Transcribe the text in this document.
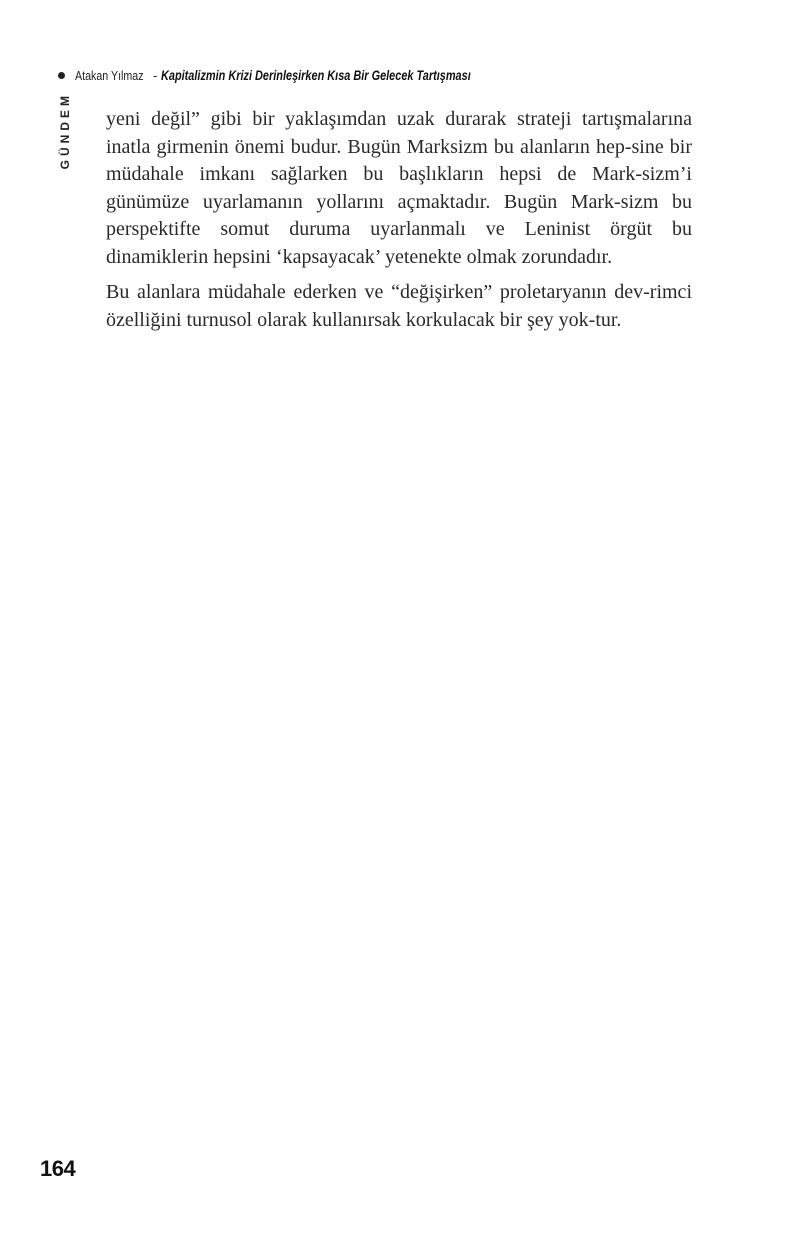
Atakan Yılmaz - Kapitalizmin Krizi Derinleşirken Kısa Bir Gelecek Tartışması
GÜNDEM yeni değil” gibi bir yaklaşımdan uzak durarak strateji tartışmalarına inatla girmenin önemi budur. Bugün Marksizm bu alanların hep-sine bir müdahale imkanı sağlarken bu başlıkların hepsi de Mark-sizm’i günümüze uyarlamanın yollarını açmaktadır. Bugün Mark-sizm bu perspektifte somut duruma uyarlanmalı ve Leninist örgüt bu dinamiklerin hepsini ‘kapsayacak’ yetenekte olmak zorundadır.

Bu alanlara müdahale ederken ve “değişirken” proletaryanın dev-rimci özelliğini turnusol olarak kullanırsak korkulacak bir şey yok-tur.

164
